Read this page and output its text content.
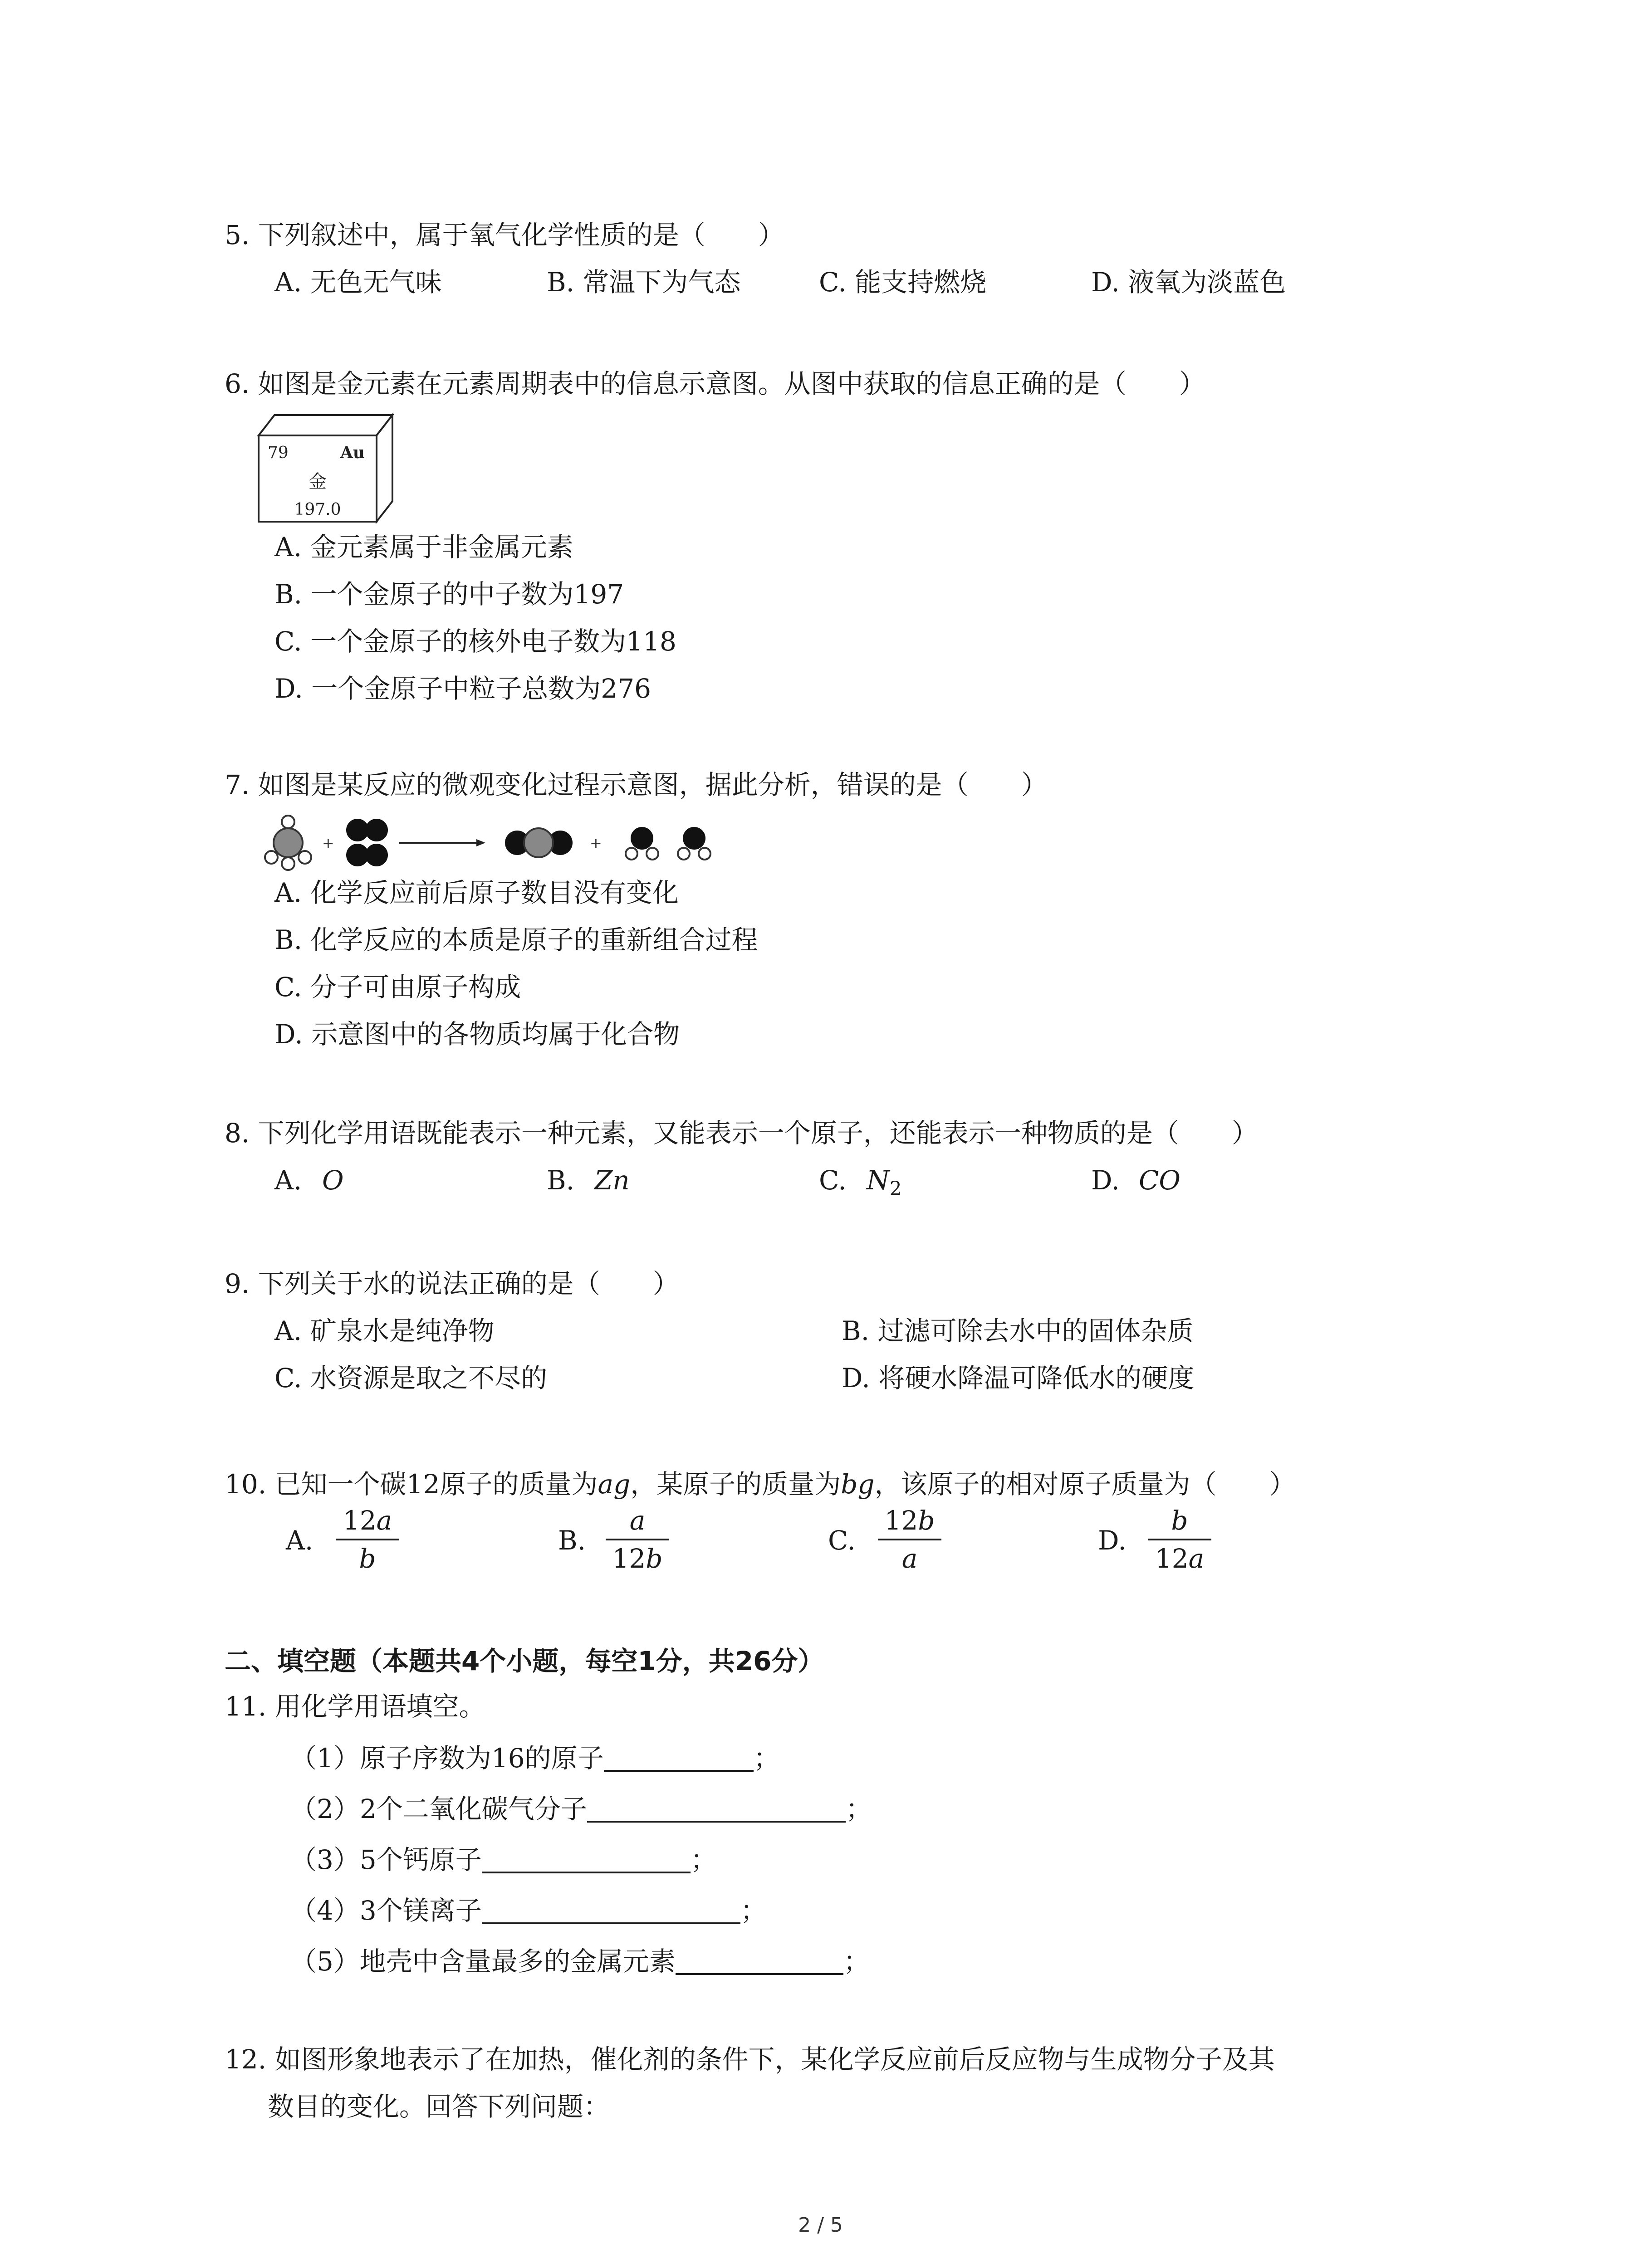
5. 下列叙述中，属于氧气化学性质的是（　　）
A. 无色无气味	B. 常温下为气态	C. 能支持燃烧	D. 液氧为淡蓝色
6. 如图是金元素在元素周期表中的信息示意图。从图中获取的信息正确的是（　　）
79	Au
金
197.0
A. 金元素属于非金属元素
B. 一个金原子的中子数为197
C. 一个金原子的核外电子数为118
D. 一个金原子中粒子总数为276
7. 如图是某反应的微观变化过程示意图，据此分析，错误的是（　　）
+	+
A. 化学反应前后原子数目没有变化
B. 化学反应的本质是原子的重新组合过程
C. 分子可由原子构成
D. 示意图中的各物质均属于化合物
8. 下列化学用语既能表示一种元素，又能表示一个原子，还能表示一种物质的是（　　）
A. O	B. Zn	C. $N_2$	D. CO
9. 下列关于水的说法正确的是（　　）
A. 矿泉水是纯净物	B. 过滤可除去水中的固体杂质
C. 水资源是取之不尽的	D. 将硬水降温可降低水的硬度
10. 已知一个碳12原子的质量为ag，某原子的质量为bg，该原子的相对原子质量为（　　）
A.
12a
b
B.
a
12b
C.
12b
a
D.
b
12a
二、填空题（本题共4个小题，每空1分，共26分）
11. 用化学用语填空。
（1）原子序数为16的原子	；
（2）2个二氧化碳气分子	；
（3）5个钙原子	；
（4）3个镁离子	；
（5）地壳中含量最多的金属元素	；
12. 如图形象地表示了在加热，催化剂的条件下，某化学反应前后反应物与生成物分子及其
数目的变化。回答下列问题：
2 / 5
